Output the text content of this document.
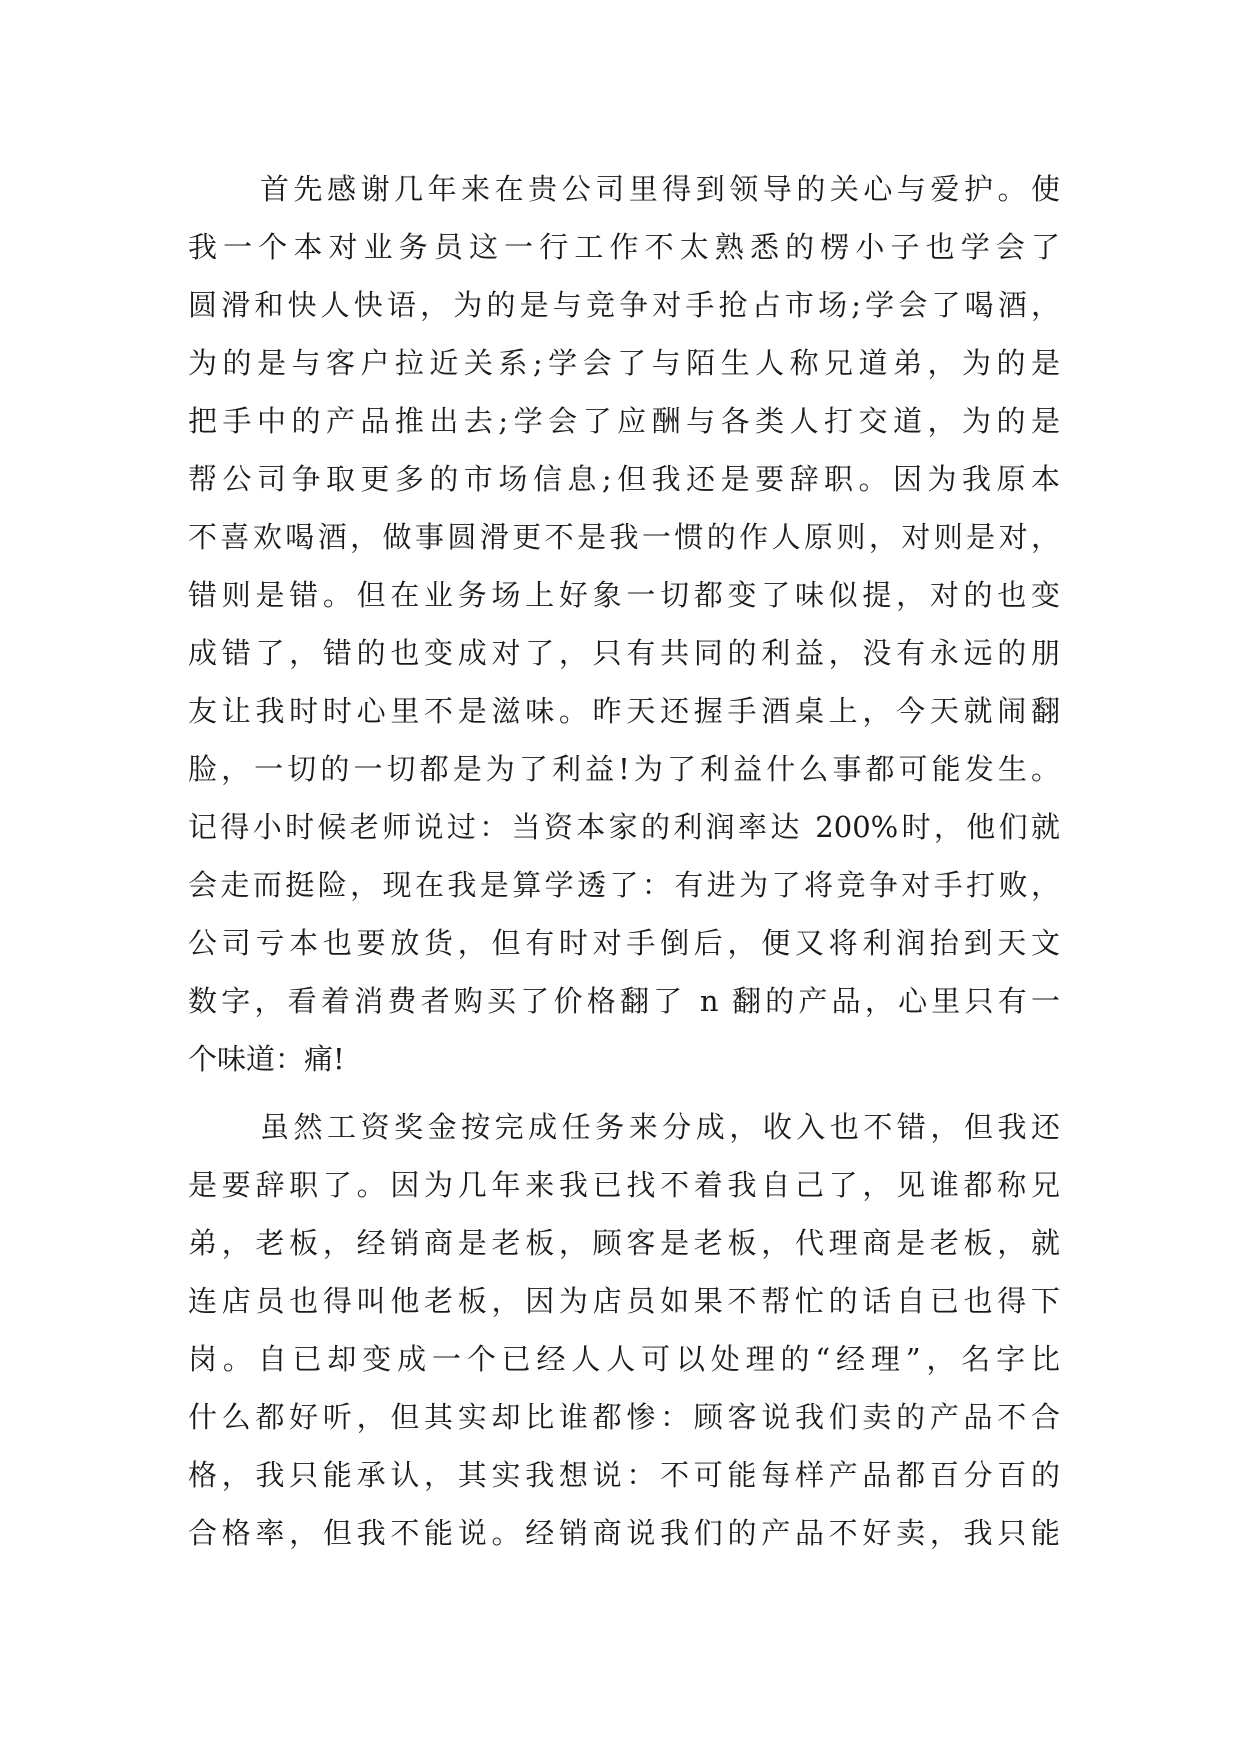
首先感谢几年来在贵公司里得到领导的关心与爱护。使
我一个本对业务员这一行工作不太熟悉的楞小子也学会了
圆滑和快人快语，为的是与竞争对手抢占市场;学会了喝酒，
为的是与客户拉近关系;学会了与陌生人称兄道弟，为的是
把手中的产品推出去;学会了应酬与各类人打交道，为的是
帮公司争取更多的市场信息;但我还是要辞职。因为我原本
不喜欢喝酒，做事圆滑更不是我一惯的作人原则，对则是对，
错则是错。但在业务场上好象一切都变了味似提，对的也变
成错了，错的也变成对了，只有共同的利益，没有永远的朋
友让我时时心里不是滋味。昨天还握手酒桌上，今天就闹翻
脸，一切的一切都是为了利益!为了利益什么事都可能发生。
记得小时候老师说过：当资本家的利润率达 200%时，他们就
会走而挺险，现在我是算学透了：有进为了将竞争对手打败，
公司亏本也要放货，但有时对手倒后，便又将利润抬到天文
数字，看着消费者购买了价格翻了 n 翻的产品，心里只有一
个味道：痛!
虽然工资奖金按完成任务来分成，收入也不错，但我还
是要辞职了。因为几年来我已找不着我自己了，见谁都称兄
弟，老板，经销商是老板，顾客是老板，代理商是老板，就
连店员也得叫他老板，因为店员如果不帮忙的话自已也得下
岗。自已却变成一个已经人人可以处理的“经理”，名字比
什么都好听，但其实却比谁都惨：顾客说我们卖的产品不合
格，我只能承认，其实我想说：不可能每样产品都百分百的
合格率，但我不能说。经销商说我们的产品不好卖，我只能
